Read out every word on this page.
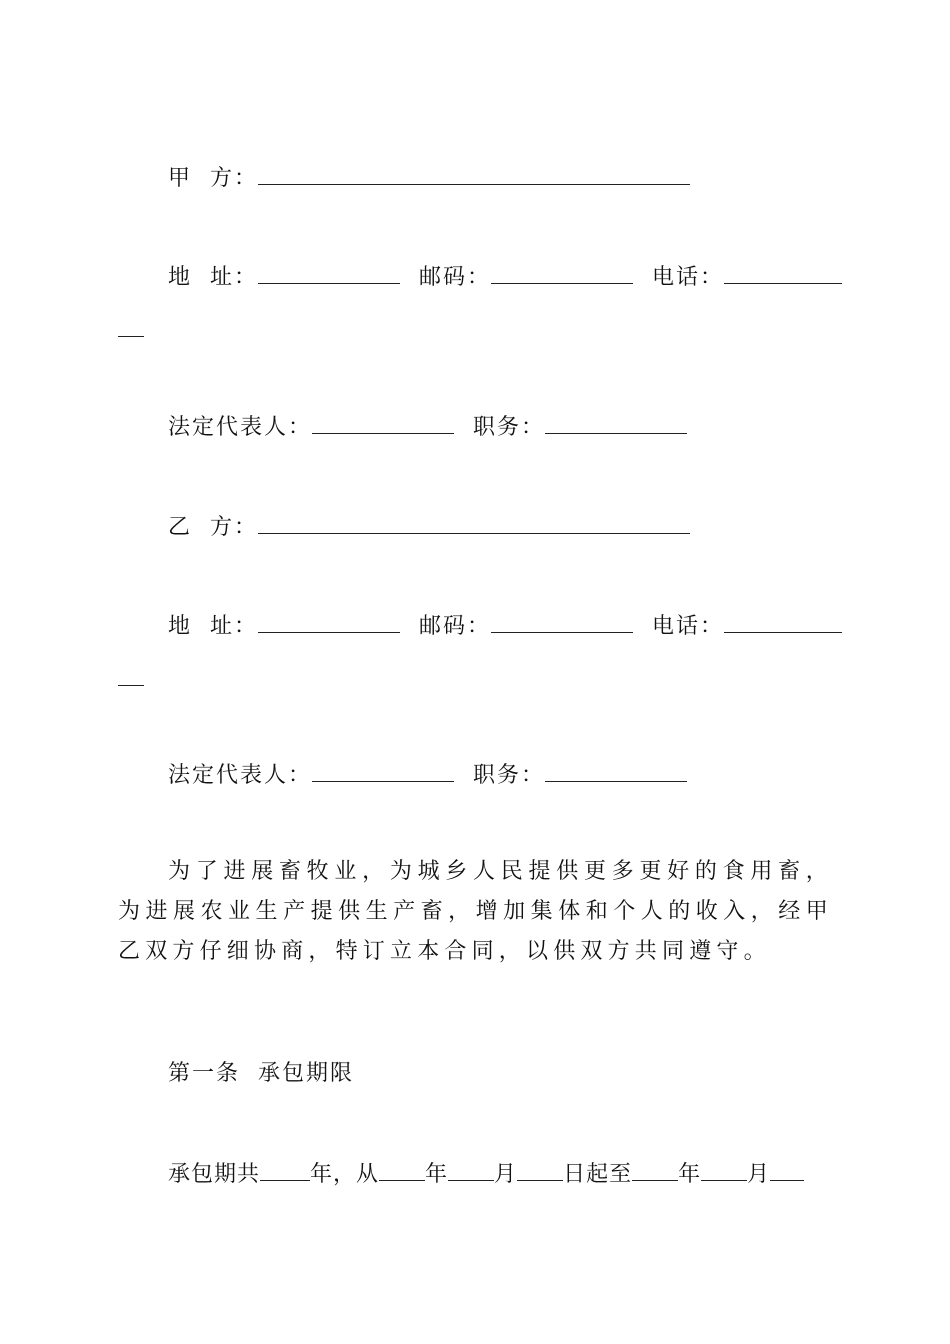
甲  方：
地  址：	邮码：	电话：
法定代表人：	职务：
乙  方：
地  址：	邮码：	电话：
法定代表人：	职务：
为了进展畜牧业，为城乡人民提供更多更好的食用畜，为进展农业生产提供生产畜，增加集体和个人的收入，经甲乙双方仔细协商，特订立本合同，以供双方共同遵守。
第一条  承包期限
承包期共 年，从 年 月 日起至 年 月
